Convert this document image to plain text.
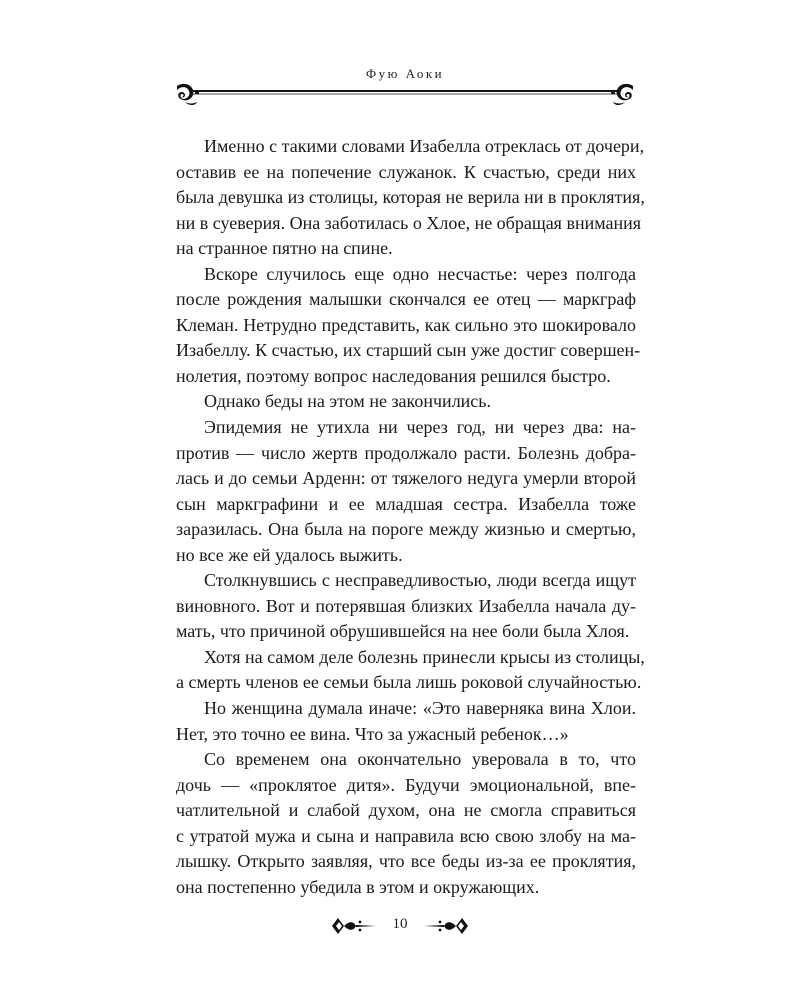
Фую Аоки
Именно с такими словами Изабелла отреклась от дочери,
оставив ее на попечение служанок. К счастью, среди них
была девушка из столицы, которая не верила ни в проклятия,
ни в суеверия. Она заботилась о Хлое, не обращая внимания
на странное пятно на спине.
Вскоре случилось еще одно несчастье: через полгода
после рождения малышки скончался ее отец — маркграф
Клеман. Нетрудно представить, как сильно это шокировало
Изабеллу. К счастью, их старший сын уже достиг совершен-
нолетия, поэтому вопрос наследования решился быстро.
Однако беды на этом не закончились.
Эпидемия не утихла ни через год, ни через два: на-
против — число жертв продолжало расти. Болезнь добра-
лась и до семьи Арденн: от тяжелого недуга умерли второй
сын маркграфини и ее младшая сестра. Изабелла тоже
заразилась. Она была на пороге между жизнью и смертью,
но все же ей удалось выжить.
Столкнувшись с несправедливостью, люди всегда ищут
виновного. Вот и потерявшая близких Изабелла начала ду-
мать, что причиной обрушившейся на нее боли была Хлоя.
Хотя на самом деле болезнь принесли крысы из столицы,
а смерть членов ее семьи была лишь роковой случайностью.
Но женщина думала иначе: «Это наверняка вина Хлои.
Нет, это точно ее вина. Что за ужасный ребенок…»
Со временем она окончательно уверовала в то, что
дочь — «проклятое дитя». Будучи эмоциональной, впе-
чатлительной и слабой духом, она не смогла справиться
с утратой мужа и сына и направила всю свою злобу на ма-
лышку. Открыто заявляя, что все беды из-за ее проклятия,
она постепенно убедила в этом и окружающих.
10
